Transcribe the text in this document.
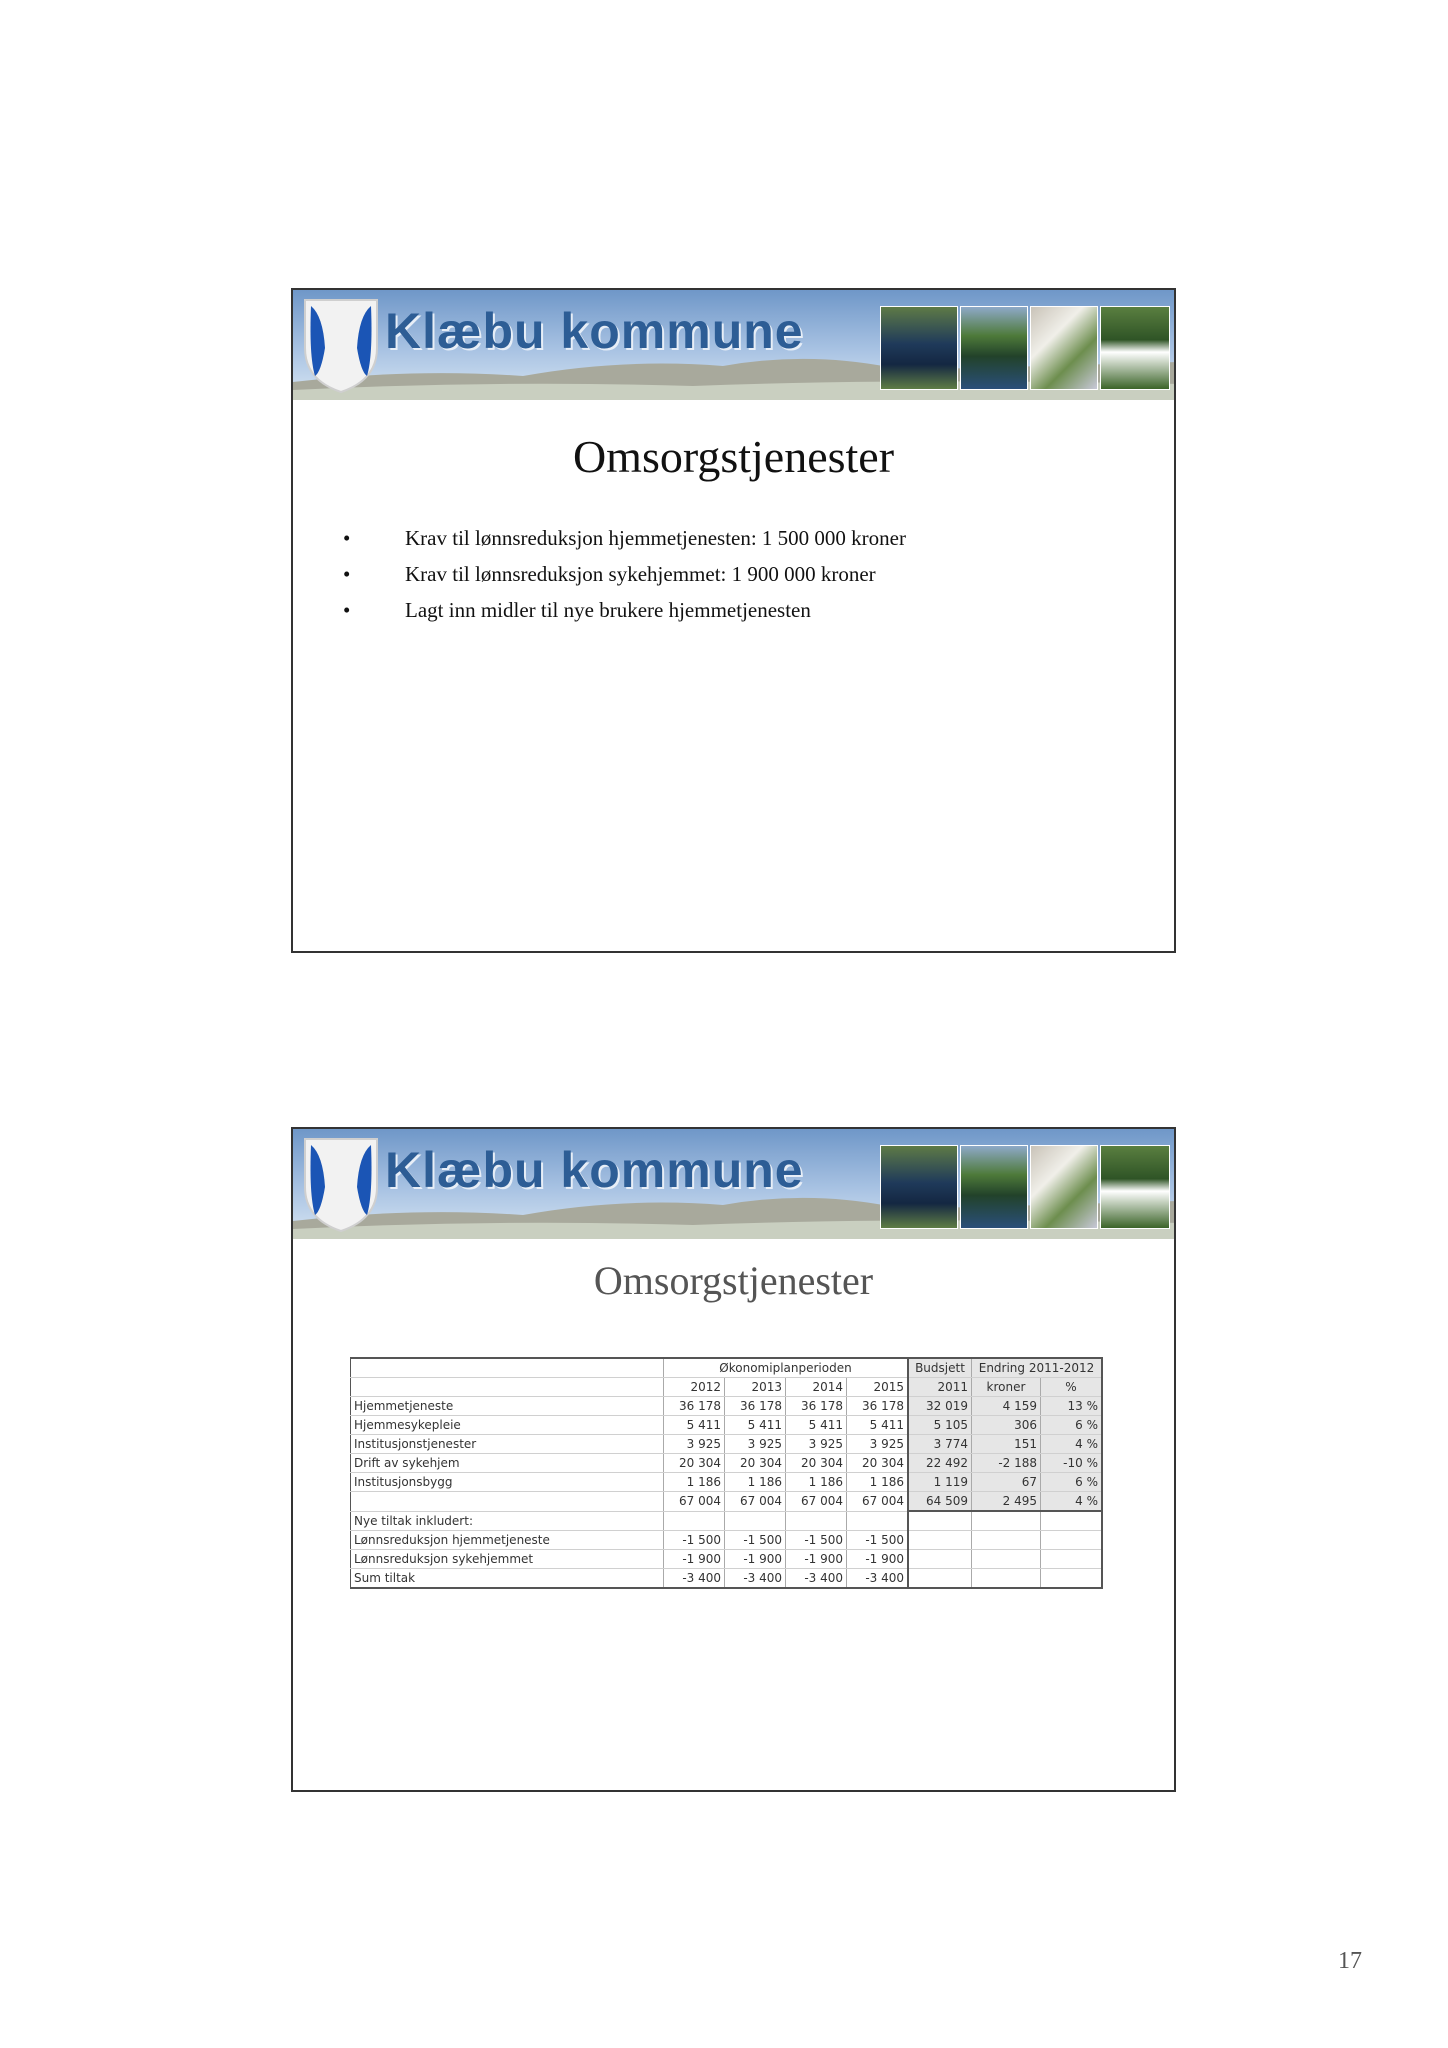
Klæbu kommune
Omsorgstjenester
•	Krav til lønnsreduksjon hjemmetjenesten: 1 500 000 kroner
•	Krav til lønnsreduksjon sykehjemmet: 1 900 000 kroner
•	Lagt inn midler til nye brukere hjemmetjenesten
Klæbu kommune
Omsorgstjenester
	Økonomiplanperioden				Budsjett	Endring 2011-2012	
	2012	2013	2014	2015	2011	kroner	%
Hjemmetjeneste	36 178	36 178	36 178	36 178	32 019	4 159	13 %
Hjemmesykepleie	5 411	5 411	5 411	5 411	5 105	306	6 %
Institusjonstjenester	3 925	3 925	3 925	3 925	3 774	151	4 %
Drift av sykehjem	20 304	20 304	20 304	20 304	22 492	-2 188	-10 %
Institusjonsbygg	1 186	1 186	1 186	1 186	1 119	67	6 %
	67 004	67 004	67 004	67 004	64 509	2 495	4 %
Nye tiltak inkludert:							
Lønnsreduksjon hjemmetjeneste	-1 500	-1 500	-1 500	-1 500			
Lønnsreduksjon sykehjemmet	-1 900	-1 900	-1 900	-1 900			
Sum tiltak	-3 400	-3 400	-3 400	-3 400			
17
